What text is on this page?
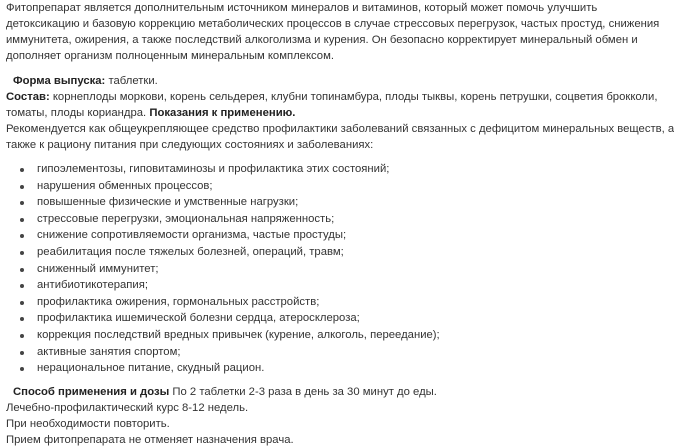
Фитопрепарат является дополнительным источником минералов и витаминов, который может помочь улучшить
детоксикацию и базовую коррекцию метаболических процессов в случае стрессовых перегрузок, частых простуд, снижения
иммунитета, ожирения, а также последствий алкоголизма и курения. Он безопасно корректирует минеральный обмен и
дополняет организм полноценным минеральным комплексом.
Форма выпуска: таблетки.
Состав: корнеплоды моркови, корень сельдерея, клубни топинамбура, плоды тыквы, корень петрушки, соцветия брокколи,
томаты, плоды кориандра. Показания к применению.
Рекомендуется как общеукрепляющее средство профилактики заболеваний связанных с дефицитом минеральных веществ, а
также к рациону питания при следующих состояниях и заболеваниях:
гипоэлементозы, гиповитаминозы и профилактика этих состояний;
нарушения обменных процессов;
повышенные физические и умственные нагрузки;
стрессовые перегрузки, эмоциональная напряженность;
снижение сопротивляемости организма, частые простуды;
реабилитация после тяжелых болезней, операций, травм;
сниженный иммунитет;
антибиотикотерапия;
профилактика ожирения, гормональных расстройств;
профилактика ишемической болезни сердца, атеросклероза;
коррекция последствий вредных привычек (курение, алкоголь, переедание);
активные занятия спортом;
нерациональное питание, скудный рацион.
Способ применения и дозы По 2 таблетки 2-3 раза в день за 30 минут до еды.
Лечебно-профилактический курс 8-12 недель.
При необходимости повторить.
Прием фитопрепарата не отменяет назначения врача.
